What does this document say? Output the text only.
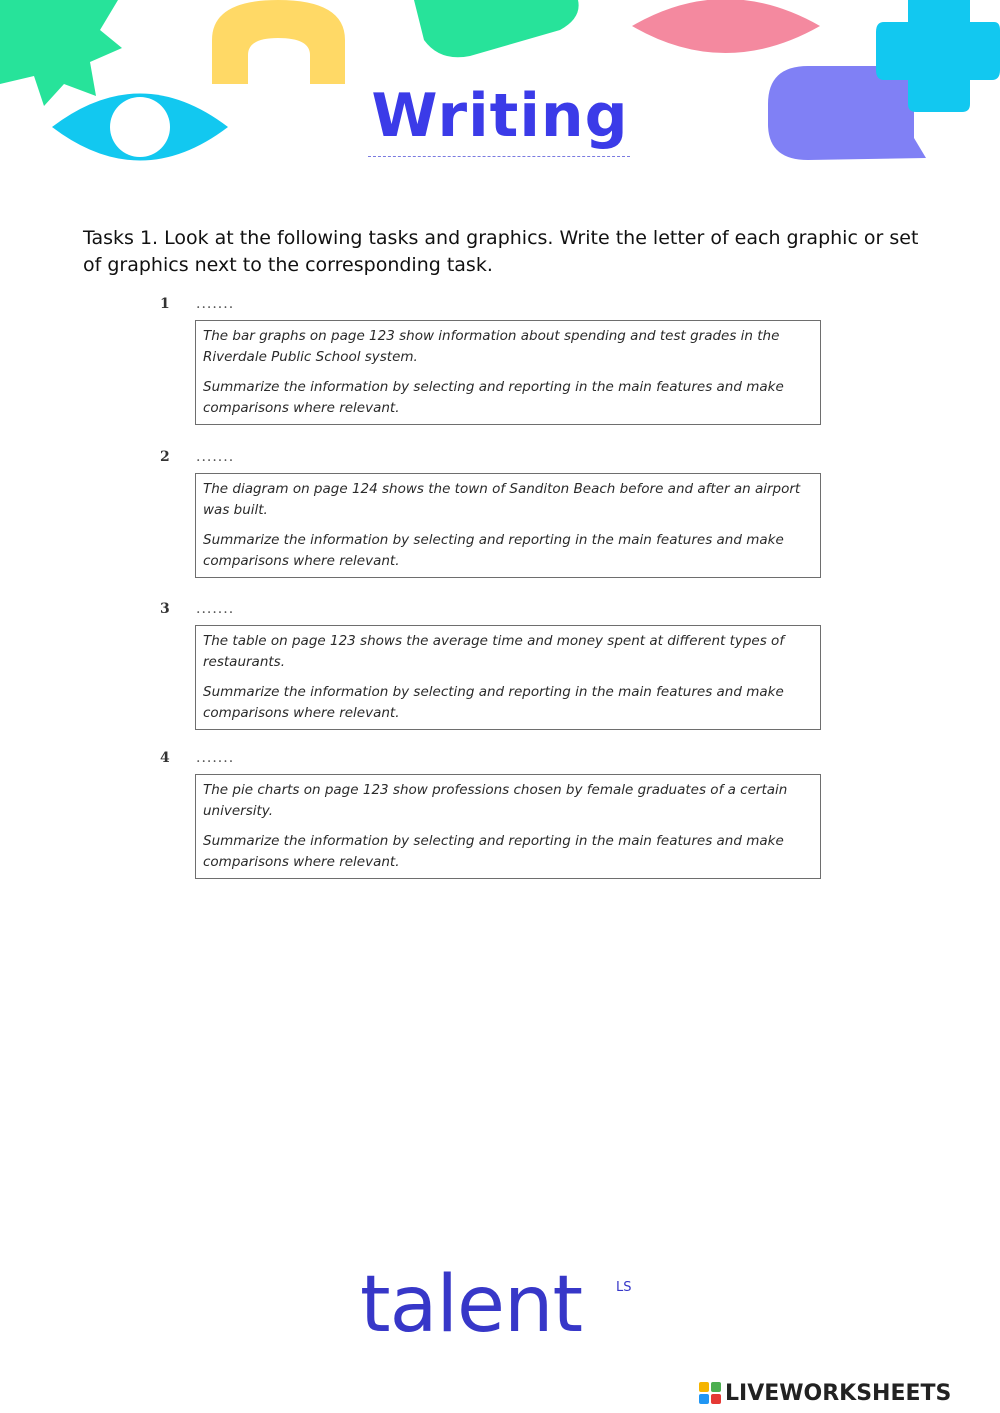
Writing
Tasks 1. Look at the following tasks and graphics. Write the letter of each graphic or set of graphics next to the corresponding task.
1
.......

The bar graphs on page 123 show information about spending and test grades in the Riverdale Public School system.

Summarize the information by selecting and reporting in the main features and make comparisons where relevant.

2
.......

The diagram on page 124 shows the town of Sanditon Beach before and after an airport was built.

Summarize the information by selecting and reporting in the main features and make comparisons where relevant.

3
.......

The table on page 123 shows the average time and money spent at different types of restaurants.

Summarize the information by selecting and reporting in the main features and make comparisons where relevant.

4
.......

The pie charts on page 123 show professions chosen by female graduates of a certain university.

Summarize the information by selecting and reporting in the main features and make comparisons where relevant.

talent	LS
LIVEWORKSHEETS
